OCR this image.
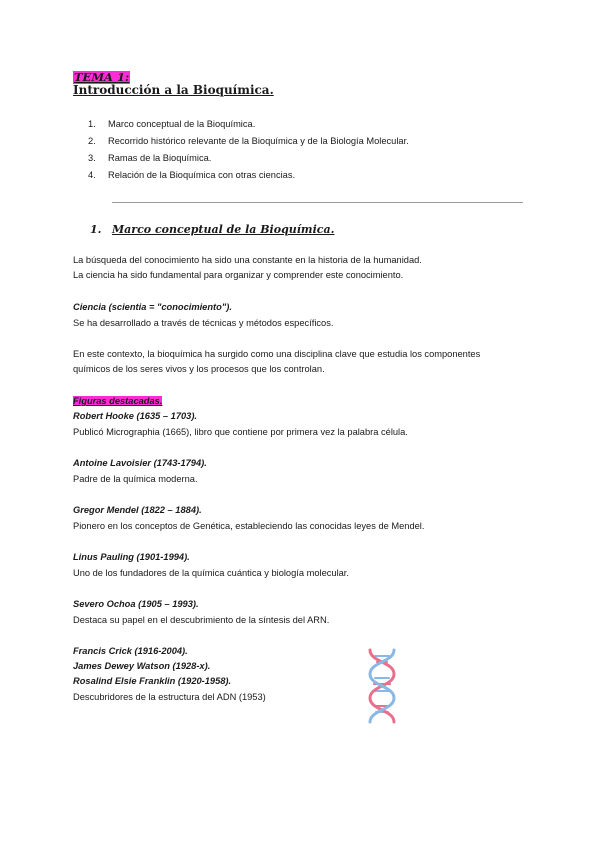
TEMA 1:
Introducción a la Bioquímica.
1. Marco conceptual de la Bioquímica.
2. Recorrido histórico relevante de la Bioquímica y de la Biología Molecular.
3. Ramas de la Bioquímica.
4. Relación de la Bioquímica con otras ciencias.
1. Marco conceptual de la Bioquímica.
La búsqueda del conocimiento ha sido una constante en la historia de la humanidad.
La ciencia ha sido fundamental para organizar y comprender este conocimiento.
Ciencia (scientia = "conocimiento").
Se ha desarrollado a través de técnicas y métodos específicos.
En este contexto, la bioquímica ha surgido como una disciplina clave que estudia los componentes
químicos de los seres vivos y los procesos que los controlan.
Figuras destacadas.
Robert Hooke (1635 – 1703).
Publicó Micrographia (1665), libro que contiene por primera vez la palabra célula.
Antoine Lavoisier (1743-1794).
Padre de la química moderna.
Gregor Mendel (1822 – 1884).
Pionero en los conceptos de Genética, estableciendo las conocidas leyes de Mendel.
Linus Pauling (1901-1994).
Uno de los fundadores de la química cuántica y biología molecular.
Severo Ochoa (1905 – 1993).
Destaca su papel en el descubrimiento de la síntesis del ARN.
Francis Crick (1916-2004).
James Dewey Watson (1928-x).
Rosalind Elsie Franklin (1920-1958).
Descubridores de la estructura del ADN (1953)
